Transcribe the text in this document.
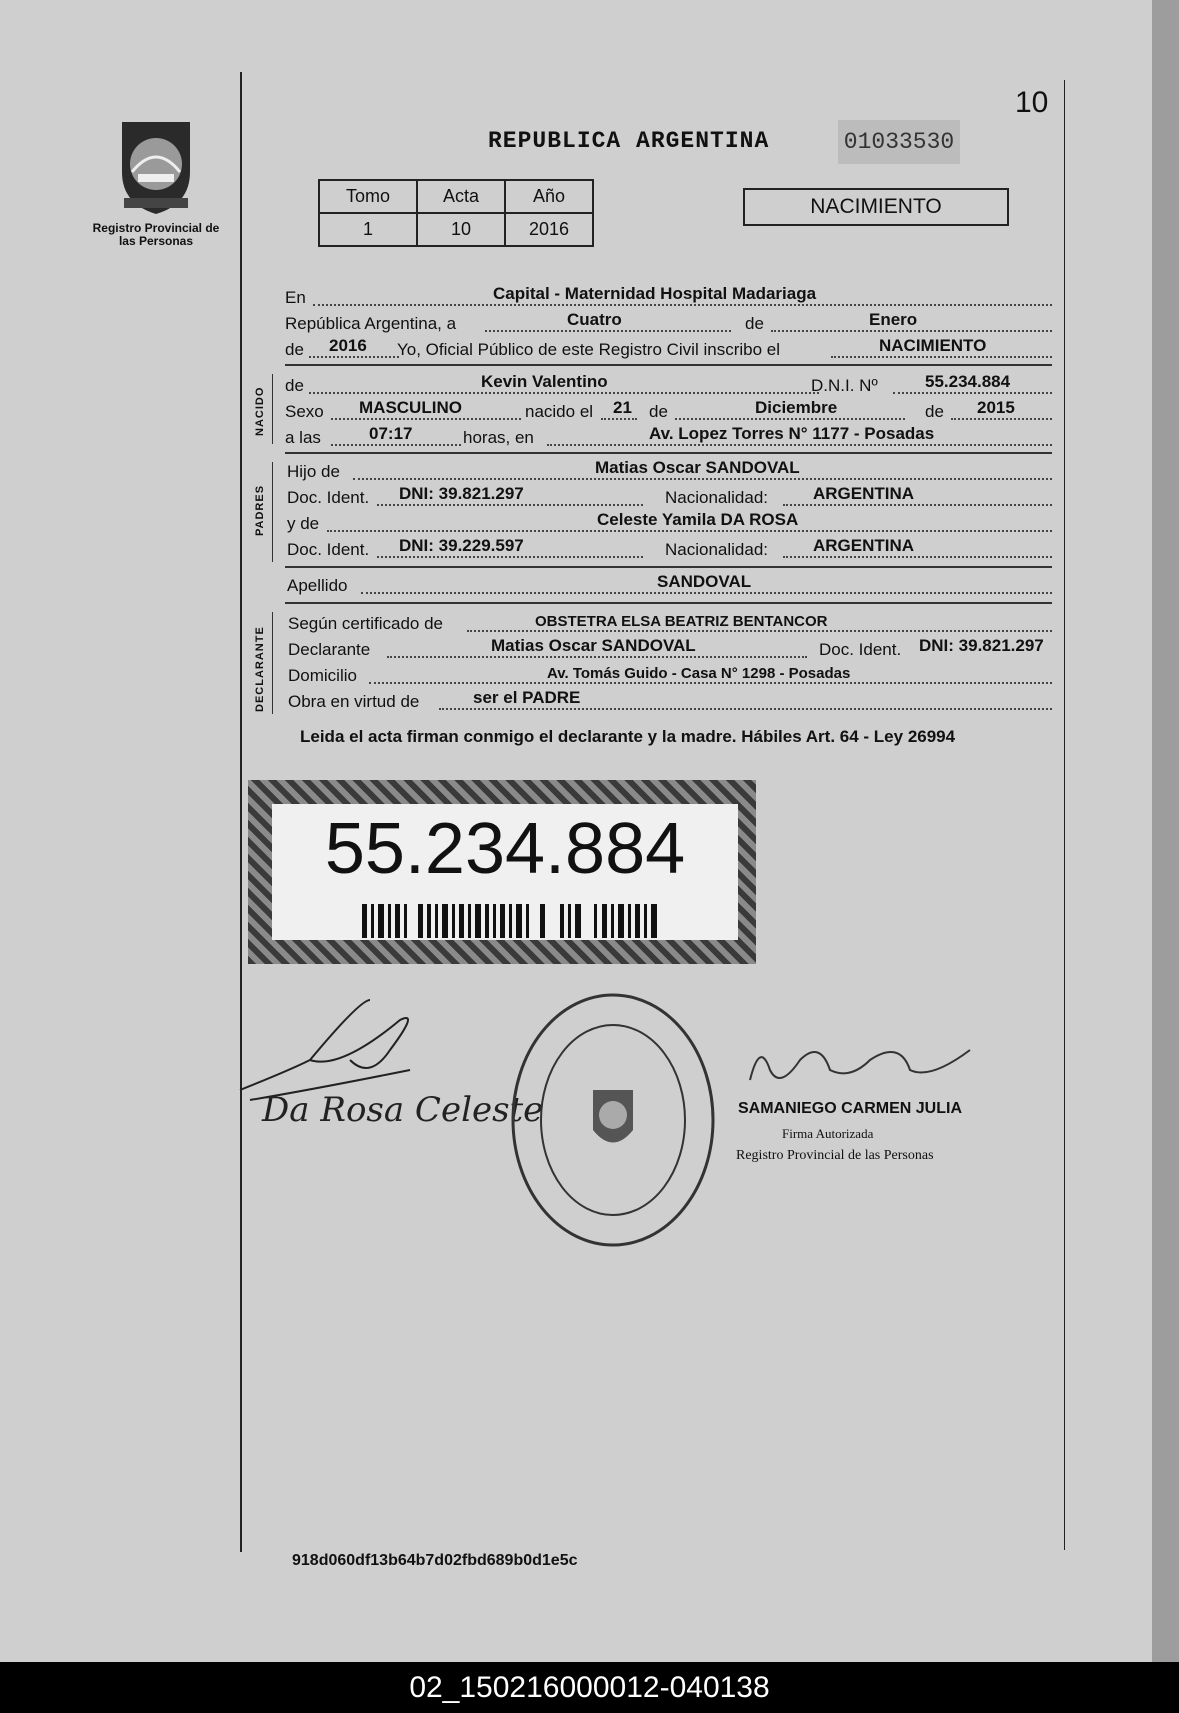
10
Registro Provincial de las Personas
REPUBLICA ARGENTINA	01033530
Tomo	Acta	Año
1	10	2016
NACIMIENTO
En	Capital - Maternidad Hospital Madariaga
República Argentina, a	Cuatro	de	Enero
de 2016 Yo, Oficial Público de este Registro Civil inscribo el	NACIMIENTO
NACIDO
de	Kevin Valentino	D.N.I. Nº	55.234.884
Sexo MASCULINO	nacido el 21 de	Diciembre	de 2015
a las	07:17	horas, en	Av. Lopez Torres N° 1177 - Posadas
PADRES
Hijo de	Matias Oscar SANDOVAL
Doc. Ident. DNI: 39.821.297	Nacionalidad:	ARGENTINA
y de	Celeste Yamila DA ROSA
Doc. Ident. DNI: 39.229.597	Nacionalidad:	ARGENTINA
Apellido	SANDOVAL
DECLARANTE
Según certificado de	OBSTETRA ELSA BEATRIZ BENTANCOR
Declarante	Matias Oscar SANDOVAL	Doc. Ident. DNI: 39.821.297
Domicilio	Av. Tomás Guido - Casa N° 1298 - Posadas
Obra en virtud de	ser el PADRE
Leida el acta firman conmigo el declarante y la madre. Hábiles Art. 64 - Ley 26994
55.234.884
Da Rosa Celeste	SAMANIEGO CARMEN JULIA
Firma Autorizada
Registro Provincial de las Personas
918d060df13b64b7d02fbd689b0d1e5c
02_150216000012-040138
